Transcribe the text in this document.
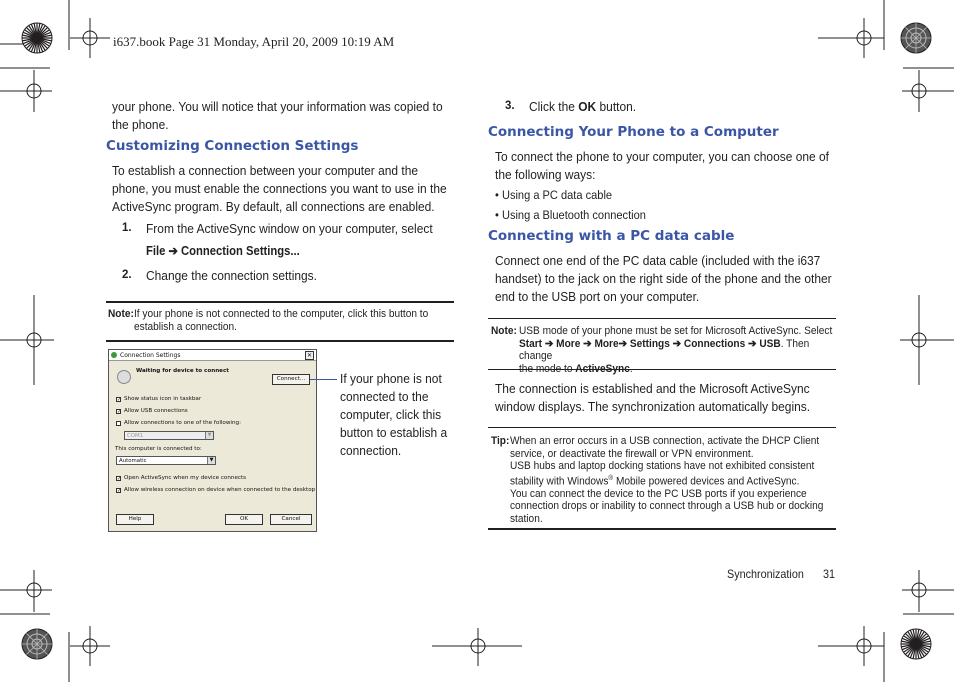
i637.book Page 31 Monday, April 20, 2009 10:19 AM
your phone. You will notice that your information was copied to the phone.
Customizing Connection Settings
To establish a connection between your computer and the phone, you must enable the connections you want to use in the ActiveSync program. By default, all connections are enabled.
1. From the ActiveSync window on your computer, select
File ➔ Connection Settings...
2. Change the connection settings.
Note: If your phone is not connected to the computer, click this button to establish a connection.
Connection Settings	✕
Waiting for device to connect
Connect...
✓ Show status icon in taskbar
✓ Allow USB connections
Allow connections to one of the following:
COM1	▼
This computer is connected to:
Automatic	▼
✓ Open ActiveSync when my device connects
✓ Allow wireless connection on device when connected to the desktop
Help	OK	Cancel
If your phone is not connected to the computer, click this button to establish a connection.
3. Click the OK button.
Connecting Your Phone to a Computer
To connect the phone to your computer, you can choose one of the following ways:
• Using a PC data cable
• Using a Bluetooth connection
Connecting with a PC data cable
Connect one end of the PC data cable (included with the i637 handset) to the jack on the right side of the phone and the other end to the USB port on your computer.
Note: USB mode of your phone must be set for Microsoft ActiveSync. Select
Start ➔ More ➔ More➔ Settings ➔ Connections ➔ USB. Then change
the mode to ActiveSync.
The connection is established and the Microsoft ActiveSync window displays. The synchronization automatically begins.
Tip: When an error occurs in a USB connection, activate the DHCP Client service, or deactivate the firewall or VPN environment.
USB hubs and laptop docking stations have not exhibited consistent stability with Windows® Mobile powered devices and ActiveSync.
You can connect the device to the PC USB ports if you experience connection drops or inability to connect through a USB hub or docking station.
Synchronization 31
